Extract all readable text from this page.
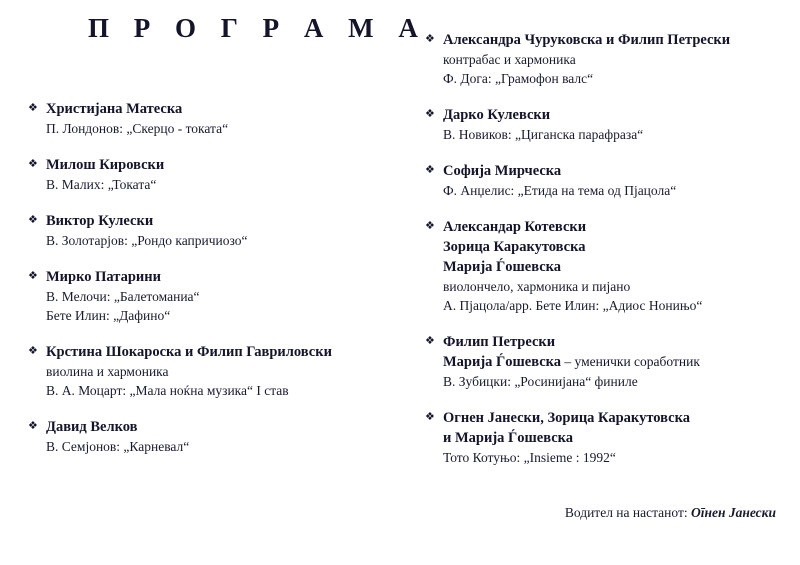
П Р О Г Р А М А
❖ Христијана Матеска
П. Лондонов: „Скерцо - токата“
❖ Милош Кировски
В. Малих: „Токата“
❖ Виктор Кулески
В. Золотарјов: „Рондо капричиозо“
❖ Мирко Патарини
В. Мелочи: „Балетоманиа“
Бете Илин: „Дафино“
❖ Крстина Шокароска и Филип Гавриловски
виолина и хармоника
В. А. Моцарт: „Мала ноќна музика“ I став
❖ Давид Велков
В. Семјонов: „Карневал“
❖ Александра Чуруковска и Филип Петрески
контрабас и хармоника
Ф. Дога: „Грамофон валс“
❖ Дарко Кулевски
В. Новиков: „Циганска парафраза“
❖ Софија Мирческа
Ф. Анџелис: „Етида на тема од Пјацола“
❖ Александар Котевски
Зорица Каракутовска
Марија Ѓошевска
виолончело, хармоника и пијано
А. Пјацола/арр. Бете Илин: „Адиос Нонињо“
❖ Филип Петрески
Марија Ѓошевска – уменички соработник
В. Зубицки: „Росинијана“ финиле
❖ Огнен Јанески, Зорица Каракутовска
и Марија Ѓошевска
Тото Котуњо: „Insieme : 1992“
Водител на настанот: Огнен Јанески
